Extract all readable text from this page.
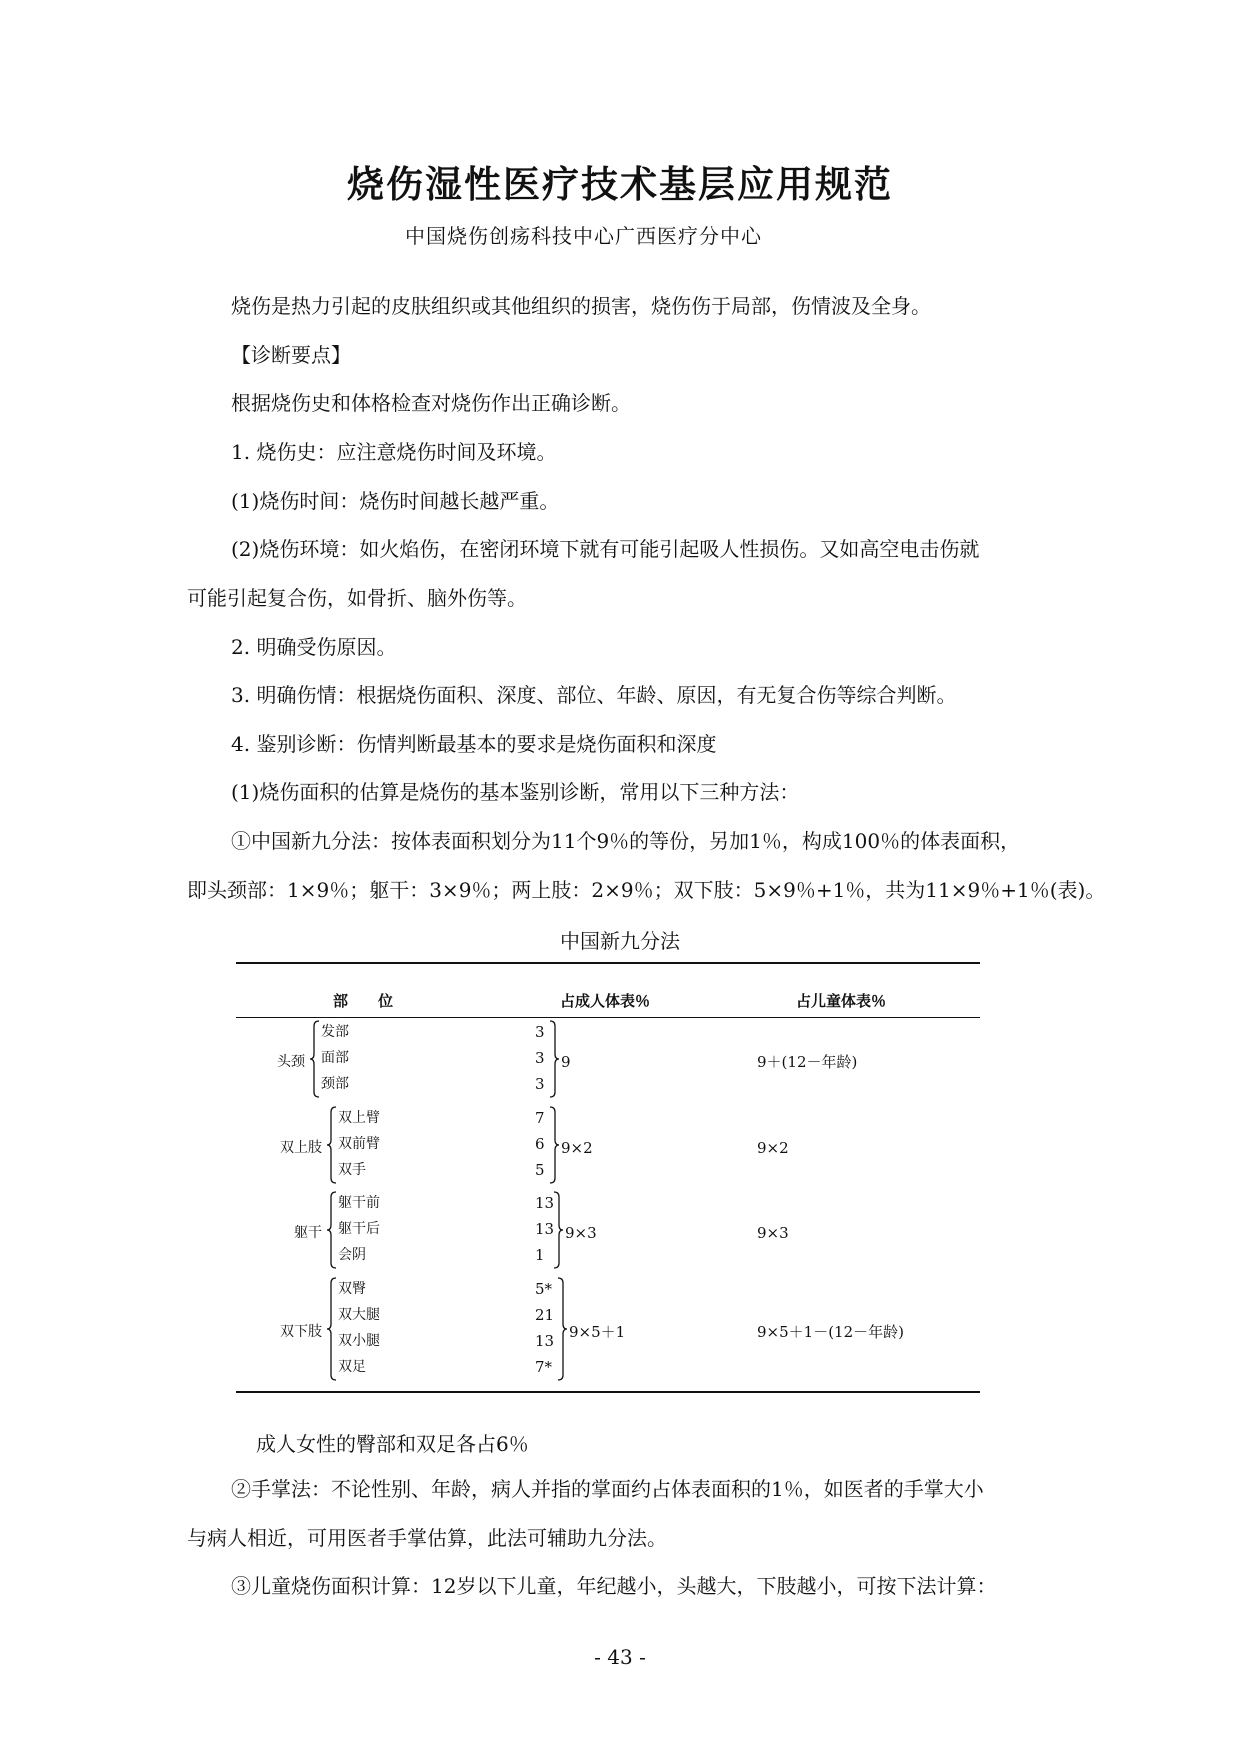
烧伤湿性医疗技术基层应用规范
中国烧伤创疡科技中心广西医疗分中心
烧伤是热力引起的皮肤组织或其他组织的损害，烧伤伤于局部，伤情波及全身。
【诊断要点】
根据烧伤史和体格检查对烧伤作出正确诊断。
1. 烧伤史：应注意烧伤时间及环境。
(1)烧伤时间：烧伤时间越长越严重。
(2)烧伤环境：如火焰伤，在密闭环境下就有可能引起吸人性损伤。又如高空电击伤就
可能引起复合伤，如骨折、脑外伤等。
2. 明确受伤原因。
3. 明确伤情：根据烧伤面积、深度、部位、年龄、原因，有无复合伤等综合判断。
4. 鉴别诊断：伤情判断最基本的要求是烧伤面积和深度
(1)烧伤面积的估算是烧伤的基本鉴别诊断，常用以下三种方法：
①中国新九分法：按体表面积划分为11个9％的等份，另加1％，构成100％的体表面积，
即头颈部：1×9％；躯干：3×9％；两上肢：2×9％；双下肢：5×9％+1％，共为11×9％+1％(表)。
中国新九分法
部　　位	占成人体表％	占儿童体表％
头颈
发部	3
面部	3
颈部	3
9	9＋(12－年龄)
双上肢
双上臂	7
双前臂	6
双手	5
9×2	9×2
躯干
躯干前	13
躯干后	13
会阴	1
9×3	9×3
双下肢
双臀	5*
双大腿	21
双小腿	13
双足	7*
9×5＋1	9×5＋1－(12－年龄)
成人女性的臀部和双足各占6％
②手掌法：不论性别、年龄，病人并指的掌面约占体表面积的1％，如医者的手掌大小
与病人相近，可用医者手掌估算，此法可辅助九分法。
③儿童烧伤面积计算：12岁以下儿童，年纪越小，头越大，下肢越小，可按下法计算：
- 43 -
